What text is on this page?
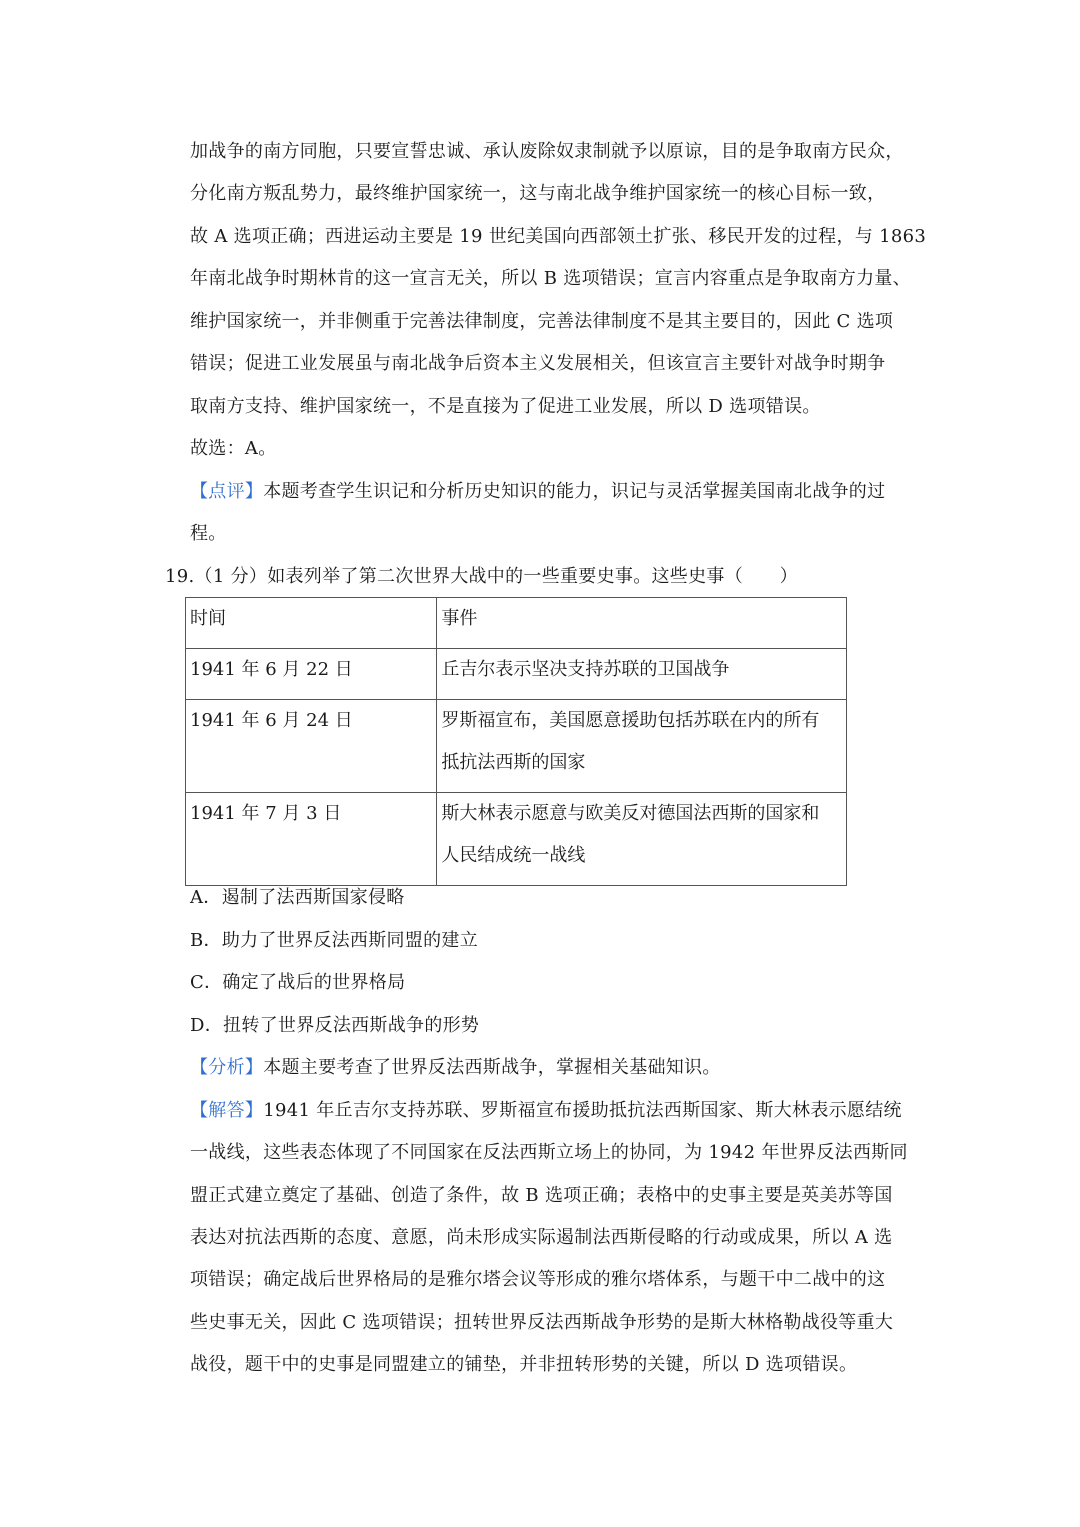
加战争的南方同胞，只要宣誓忠诚、承认废除奴隶制就予以原谅，目的是争取南方民众，
分化南方叛乱势力，最终维护国家统一，这与南北战争维护国家统一的核心目标一致，
故 A 选项正确；西进运动主要是 19 世纪美国向西部领土扩张、移民开发的过程，与 1863
年南北战争时期林肯的这一宣言无关，所以 B 选项错误；宣言内容重点是争取南方力量、
维护国家统一，并非侧重于完善法律制度，完善法律制度不是其主要目的，因此 C 选项
错误；促进工业发展虽与南北战争后资本主义发展相关，但该宣言主要针对战争时期争
取南方支持、维护国家统一，不是直接为了促进工业发展，所以 D 选项错误。
故选：A。
【点评】本题考查学生识记和分析历史知识的能力，识记与灵活掌握美国南北战争的过
程。
19.（1 分）如表列举了第二次世界大战中的一些重要史事。这些史事（　　）
时间	事件

1941 年 6 月 22 日	丘吉尔表示坚决支持苏联的卫国战争

1941 年 6 月 24 日	罗斯福宣布，美国愿意援助包括苏联在内的所有
抵抗法西斯的国家

1941 年 7 月 3 日	斯大林表示愿意与欧美反对德国法西斯的国家和
人民结成统一战线
A．遏制了法西斯国家侵略
B．助力了世界反法西斯同盟的建立
C．确定了战后的世界格局
D．扭转了世界反法西斯战争的形势
【分析】本题主要考查了世界反法西斯战争，掌握相关基础知识。
【解答】1941 年丘吉尔支持苏联、罗斯福宣布援助抵抗法西斯国家、斯大林表示愿结统
一战线，这些表态体现了不同国家在反法西斯立场上的协同，为 1942 年世界反法西斯同
盟正式建立奠定了基础、创造了条件，故 B 选项正确；表格中的史事主要是英美苏等国
表达对抗法西斯的态度、意愿，尚未形成实际遏制法西斯侵略的行动或成果，所以 A 选
项错误；确定战后世界格局的是雅尔塔会议等形成的雅尔塔体系，与题干中二战中的这
些史事无关，因此 C 选项错误；扭转世界反法西斯战争形势的是斯大林格勒战役等重大
战役，题干中的史事是同盟建立的铺垫，并非扭转形势的关键，所以 D 选项错误。
